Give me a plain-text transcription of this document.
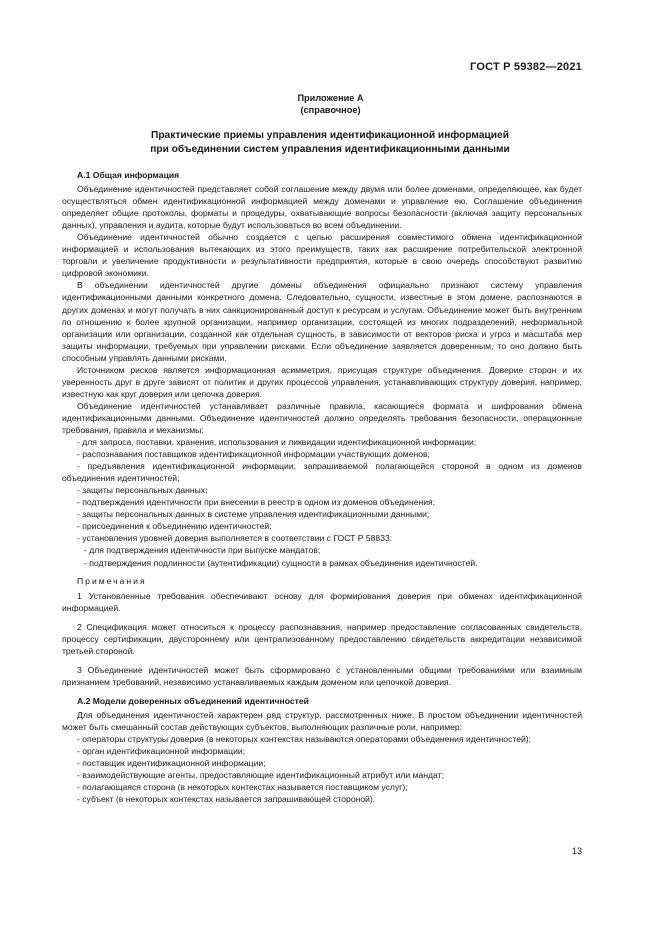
ГОСТ Р 59382—2021
Приложение А
(справочное)
Практические приемы управления идентификационной информацией
при объединении систем управления идентификационными данными

А.1 Общая информация

Объединение идентичностей представляет собой соглашение между двумя или более доменами, определяющее, как будет осуществляться обмен идентификационной информацией между доменами и управление ею. Соглашение объединения определяет общие протоколы, форматы и процедуры, охватывающие вопросы безопасности (включая защиту персональных данных), управления и аудита, которые будут использоваться во всем объединении.

Объединение идентичностей обычно создается с целью расширения совместимого обмена идентификационной информацией и использования вытекающих из этого преимуществ, таких как расширение потребительской электронной торговли и увеличение продуктивности и результативности предприятия, которые в свою очередь способствуют развитию цифровой экономики.

В объединении идентичностей другие домены объединения официально признают систему управления идентификационными данными конкретного домена. Следовательно, сущности, известные в этом домене, распознаются в других доменах и могут получать в них санкционированный доступ к ресурсам и услугам. Объединение может быть внутренним по отношению к более крупной организации, например организации, состоящей из многих подразделений, неформальной организации или организации, созданной как отдельная сущность, в зависимости от векторов риска и угроз и масштаба мер защиты информации, требуемых при управлении рисками. Если объединение заявляется доверенным, то оно должно быть способным управлять данными рисками.

Источником рисков является информационная асимметрия, присущая структуре объединения. Доверие сторон и их уверенность друг в друге зависят от политик и других процессов управления, устанавливающих структуру доверия, например, известную как круг доверия или цепочка доверия.

Объединение идентичностей устанавливает различные правила, касающиеся формата и шифрования обмена идентификационными данными. Объединение идентичностей должно определять требования безопасности, операционные требования, правила и механизмы:

- для запроса, поставки, хранения, использования и ликвидации идентификационной информации;

- распознавания поставщиков идентификационной информации участвующих доменов;

- предъявления идентификационной информации, запрашиваемой полагающейся стороной в одном из доменов объединения идентичностей;

- защиты персональных данных;

- подтверждения идентичности при внесении в реестр в одном из доменов объединения;

- защиты персональных данных в системе управления идентификационными данными;

- присоединения к объединению идентичностей;

- установления уровней доверия выполняется в соответствии с ГОСТ Р 58833:

- для подтверждения идентичности при выпуске мандатов;

- подтверждения подлинности (аутентификации) сущности в рамках объединения идентичностей.

Примечания

1 Установленные требования обеспечивают основу для формирования доверия при обменах идентификационной информацией.

2 Спецификация может относиться к процессу распознавания, например предоставление согласованных свидетельств, процессу сертификации, двустороннему или централизованному предоставлению свидетельств аккредитации независимой третьей стороной.

3 Объединение идентичностей может быть сформировано с установленными общими требованиями или взаимным признанием требований, независимо устанавливаемых каждым доменом или цепочкой доверия.

А.2 Модели доверенных объединений идентичностей

Для объединения идентичностей характерен ряд структур, рассмотренных ниже. В простом объединении идентичностей может быть смешанный состав действующих субъектов, выполняющих различные роли, например:

- операторы структуры доверия (в некоторых контекстах называются операторами объединения идентичностей);

- орган идентификационной информации;

- поставщик идентификационной информации;

- взаимодействующие агенты, предоставляющие идентификационный атрибут или мандат;

- полагающаяся сторона (в некоторых контекстах называется поставщиком услуг);

- субъект (в некоторых контекстах называется запрашивающей стороной).

13
